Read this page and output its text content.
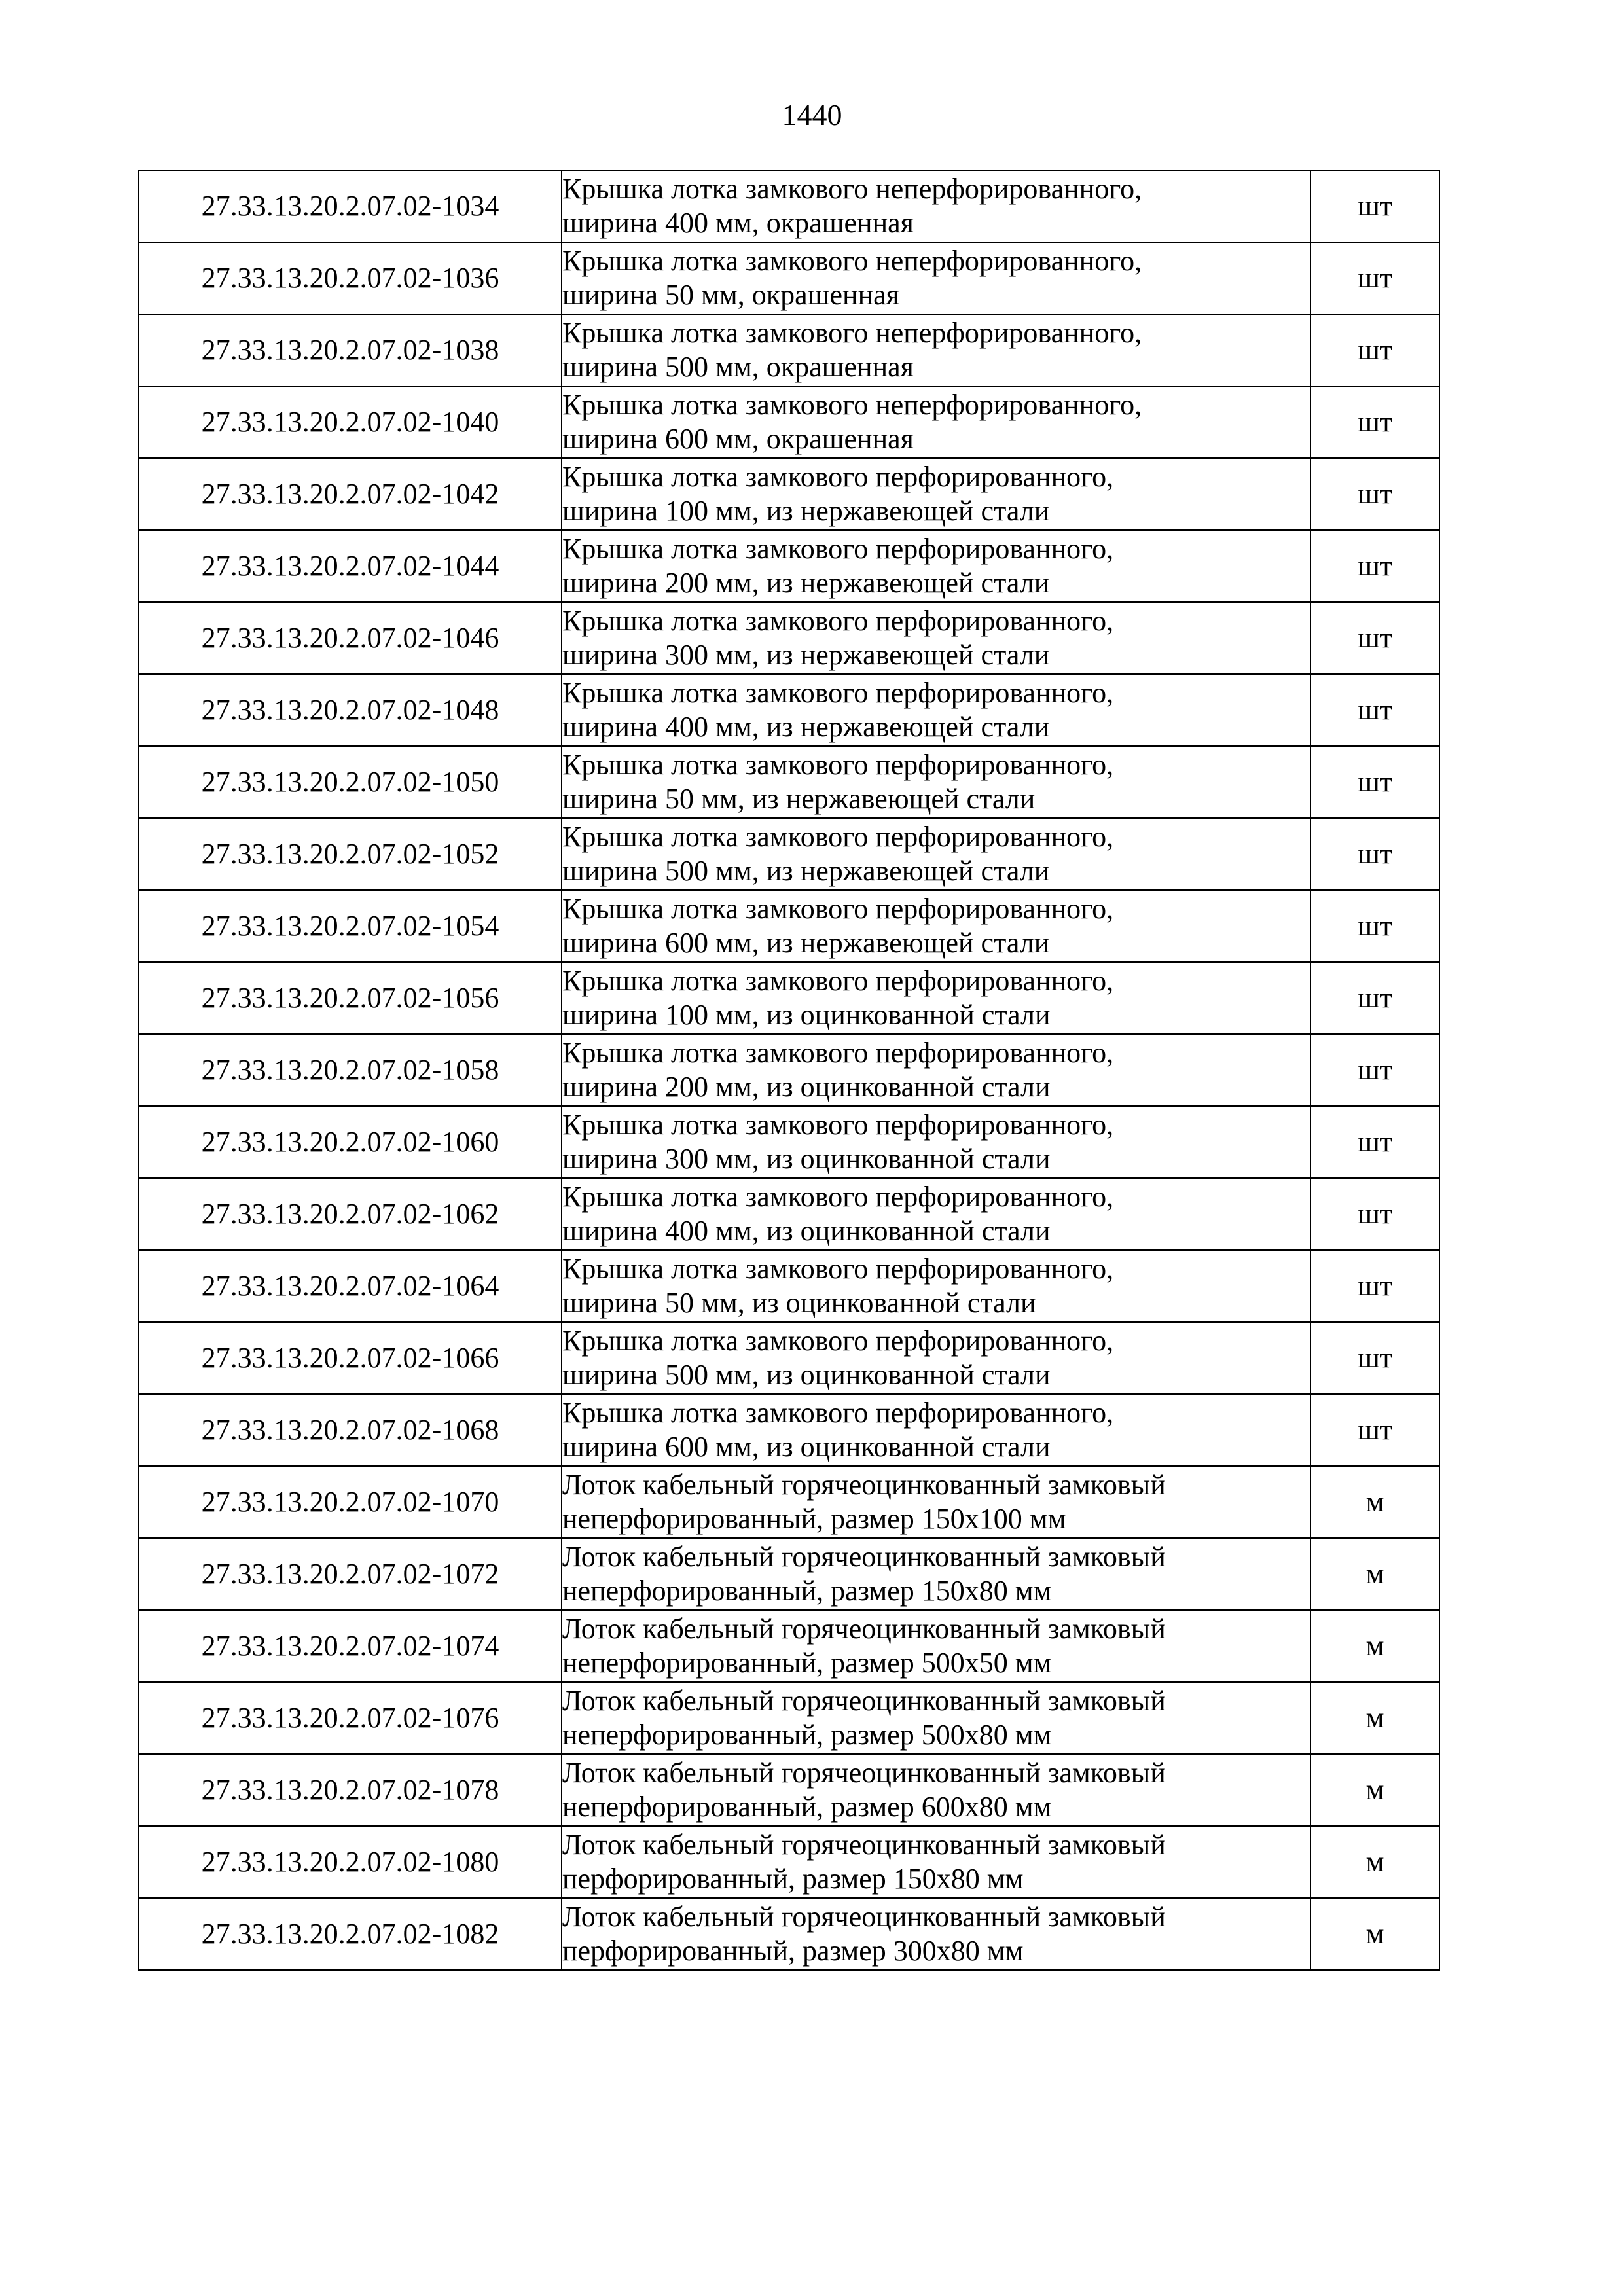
1440
27.33.13.20.2.07.02-1034	Крышка лотка замкового неперфорированного,
ширина 400 мм, окрашенная	шт
27.33.13.20.2.07.02-1036	Крышка лотка замкового неперфорированного,
ширина 50 мм, окрашенная	шт
27.33.13.20.2.07.02-1038	Крышка лотка замкового неперфорированного,
ширина 500 мм, окрашенная	шт
27.33.13.20.2.07.02-1040	Крышка лотка замкового неперфорированного,
ширина 600 мм, окрашенная	шт
27.33.13.20.2.07.02-1042	Крышка лотка замкового перфорированного,
ширина 100 мм, из нержавеющей стали	шт
27.33.13.20.2.07.02-1044	Крышка лотка замкового перфорированного,
ширина 200 мм, из нержавеющей стали	шт
27.33.13.20.2.07.02-1046	Крышка лотка замкового перфорированного,
ширина 300 мм, из нержавеющей стали	шт
27.33.13.20.2.07.02-1048	Крышка лотка замкового перфорированного,
ширина 400 мм, из нержавеющей стали	шт
27.33.13.20.2.07.02-1050	Крышка лотка замкового перфорированного,
ширина 50 мм, из нержавеющей стали	шт
27.33.13.20.2.07.02-1052	Крышка лотка замкового перфорированного,
ширина 500 мм, из нержавеющей стали	шт
27.33.13.20.2.07.02-1054	Крышка лотка замкового перфорированного,
ширина 600 мм, из нержавеющей стали	шт
27.33.13.20.2.07.02-1056	Крышка лотка замкового перфорированного,
ширина 100 мм, из оцинкованной стали	шт
27.33.13.20.2.07.02-1058	Крышка лотка замкового перфорированного,
ширина 200 мм, из оцинкованной стали	шт
27.33.13.20.2.07.02-1060	Крышка лотка замкового перфорированного,
ширина 300 мм, из оцинкованной стали	шт
27.33.13.20.2.07.02-1062	Крышка лотка замкового перфорированного,
ширина 400 мм, из оцинкованной стали	шт
27.33.13.20.2.07.02-1064	Крышка лотка замкового перфорированного,
ширина 50 мм, из оцинкованной стали	шт
27.33.13.20.2.07.02-1066	Крышка лотка замкового перфорированного,
ширина 500 мм, из оцинкованной стали	шт
27.33.13.20.2.07.02-1068	Крышка лотка замкового перфорированного,
ширина 600 мм, из оцинкованной стали	шт
27.33.13.20.2.07.02-1070	Лоток кабельный горячеоцинкованный замковый
неперфорированный, размер 150x100 мм	м
27.33.13.20.2.07.02-1072	Лоток кабельный горячеоцинкованный замковый
неперфорированный, размер 150x80 мм	м
27.33.13.20.2.07.02-1074	Лоток кабельный горячеоцинкованный замковый
неперфорированный, размер 500x50 мм	м
27.33.13.20.2.07.02-1076	Лоток кабельный горячеоцинкованный замковый
неперфорированный, размер 500x80 мм	м
27.33.13.20.2.07.02-1078	Лоток кабельный горячеоцинкованный замковый
неперфорированный, размер 600x80 мм	м
27.33.13.20.2.07.02-1080	Лоток кабельный горячеоцинкованный замковый
перфорированный, размер 150x80 мм	м
27.33.13.20.2.07.02-1082	Лоток кабельный горячеоцинкованный замковый
перфорированный, размер 300x80 мм	м
